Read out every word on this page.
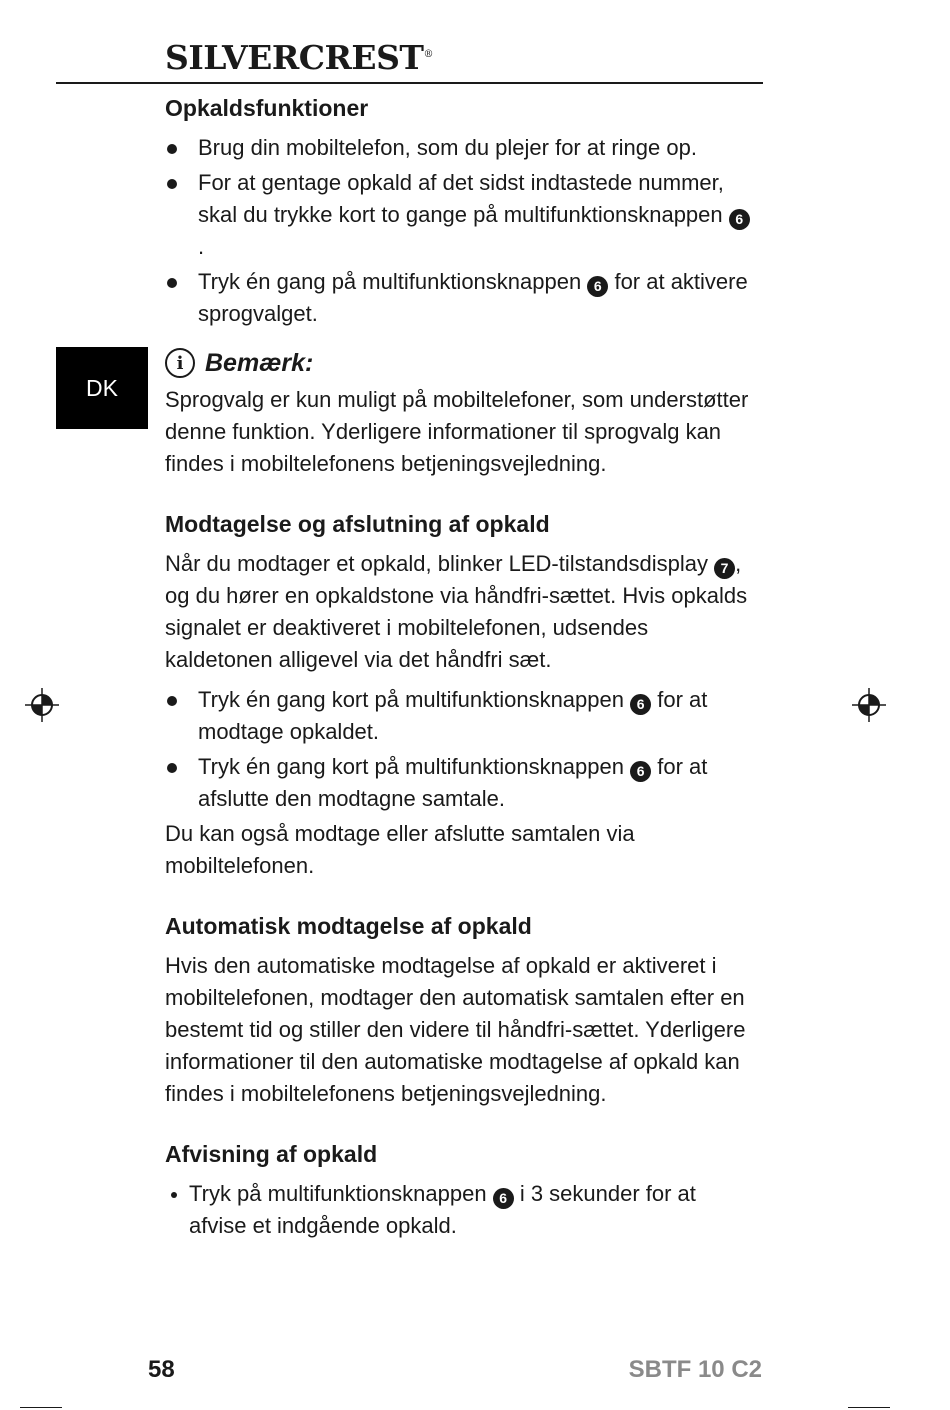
SILVERCREST®
DK
Opkaldsfunktioner
Brug din mobiltelefon, som du plejer for at ringe op.
For at gentage opkald af det sidst indtastede nummer, skal du trykke kort to gange på multifunktionsknappen 6.
Tryk én gang på multifunktionsknappen 6 for at aktivere sprogvalget.
i Bemærk:

Sprogvalg er kun muligt på mobiltelefoner, som understøtter denne funktion. Yderligere informationer til sprogvalg kan findes i mobiltelefonens betjeningsvejledning.

Modtagelse og afslutning af opkald

Når du modtager et opkald, blinker LED-tilstandsdisplay 7 , og du hører en opkaldstone via håndfri-sættet. Hvis opkalds signalet er deaktiveret i mobiltelefonen, udsendes kaldetonen alligevel via det håndfri sæt.

Tryk én gang kort på multifunktionsknappen 6 for at modtage opkaldet.
Tryk én gang kort på multifunktionsknappen 6 for at afslutte den modtagne samtale.

Du kan også modtage eller afslutte samtalen via mobiltelefonen.

Automatisk modtagelse af opkald

Hvis den automatiske modtagelse af opkald er aktiveret i mobiltelefonen, modtager den automatisk samtalen efter en bestemt tid og stiller den videre til håndfri-sættet. Yderligere informationer til den automatiske modtagelse af opkald kan findes i mobiltelefonens betjeningsvejledning.

Afvisning af opkald
Tryk på multifunktionsknappen 6 i 3 sekunder for at afvise et indgående opkald.
58	SBTF 10 C2
